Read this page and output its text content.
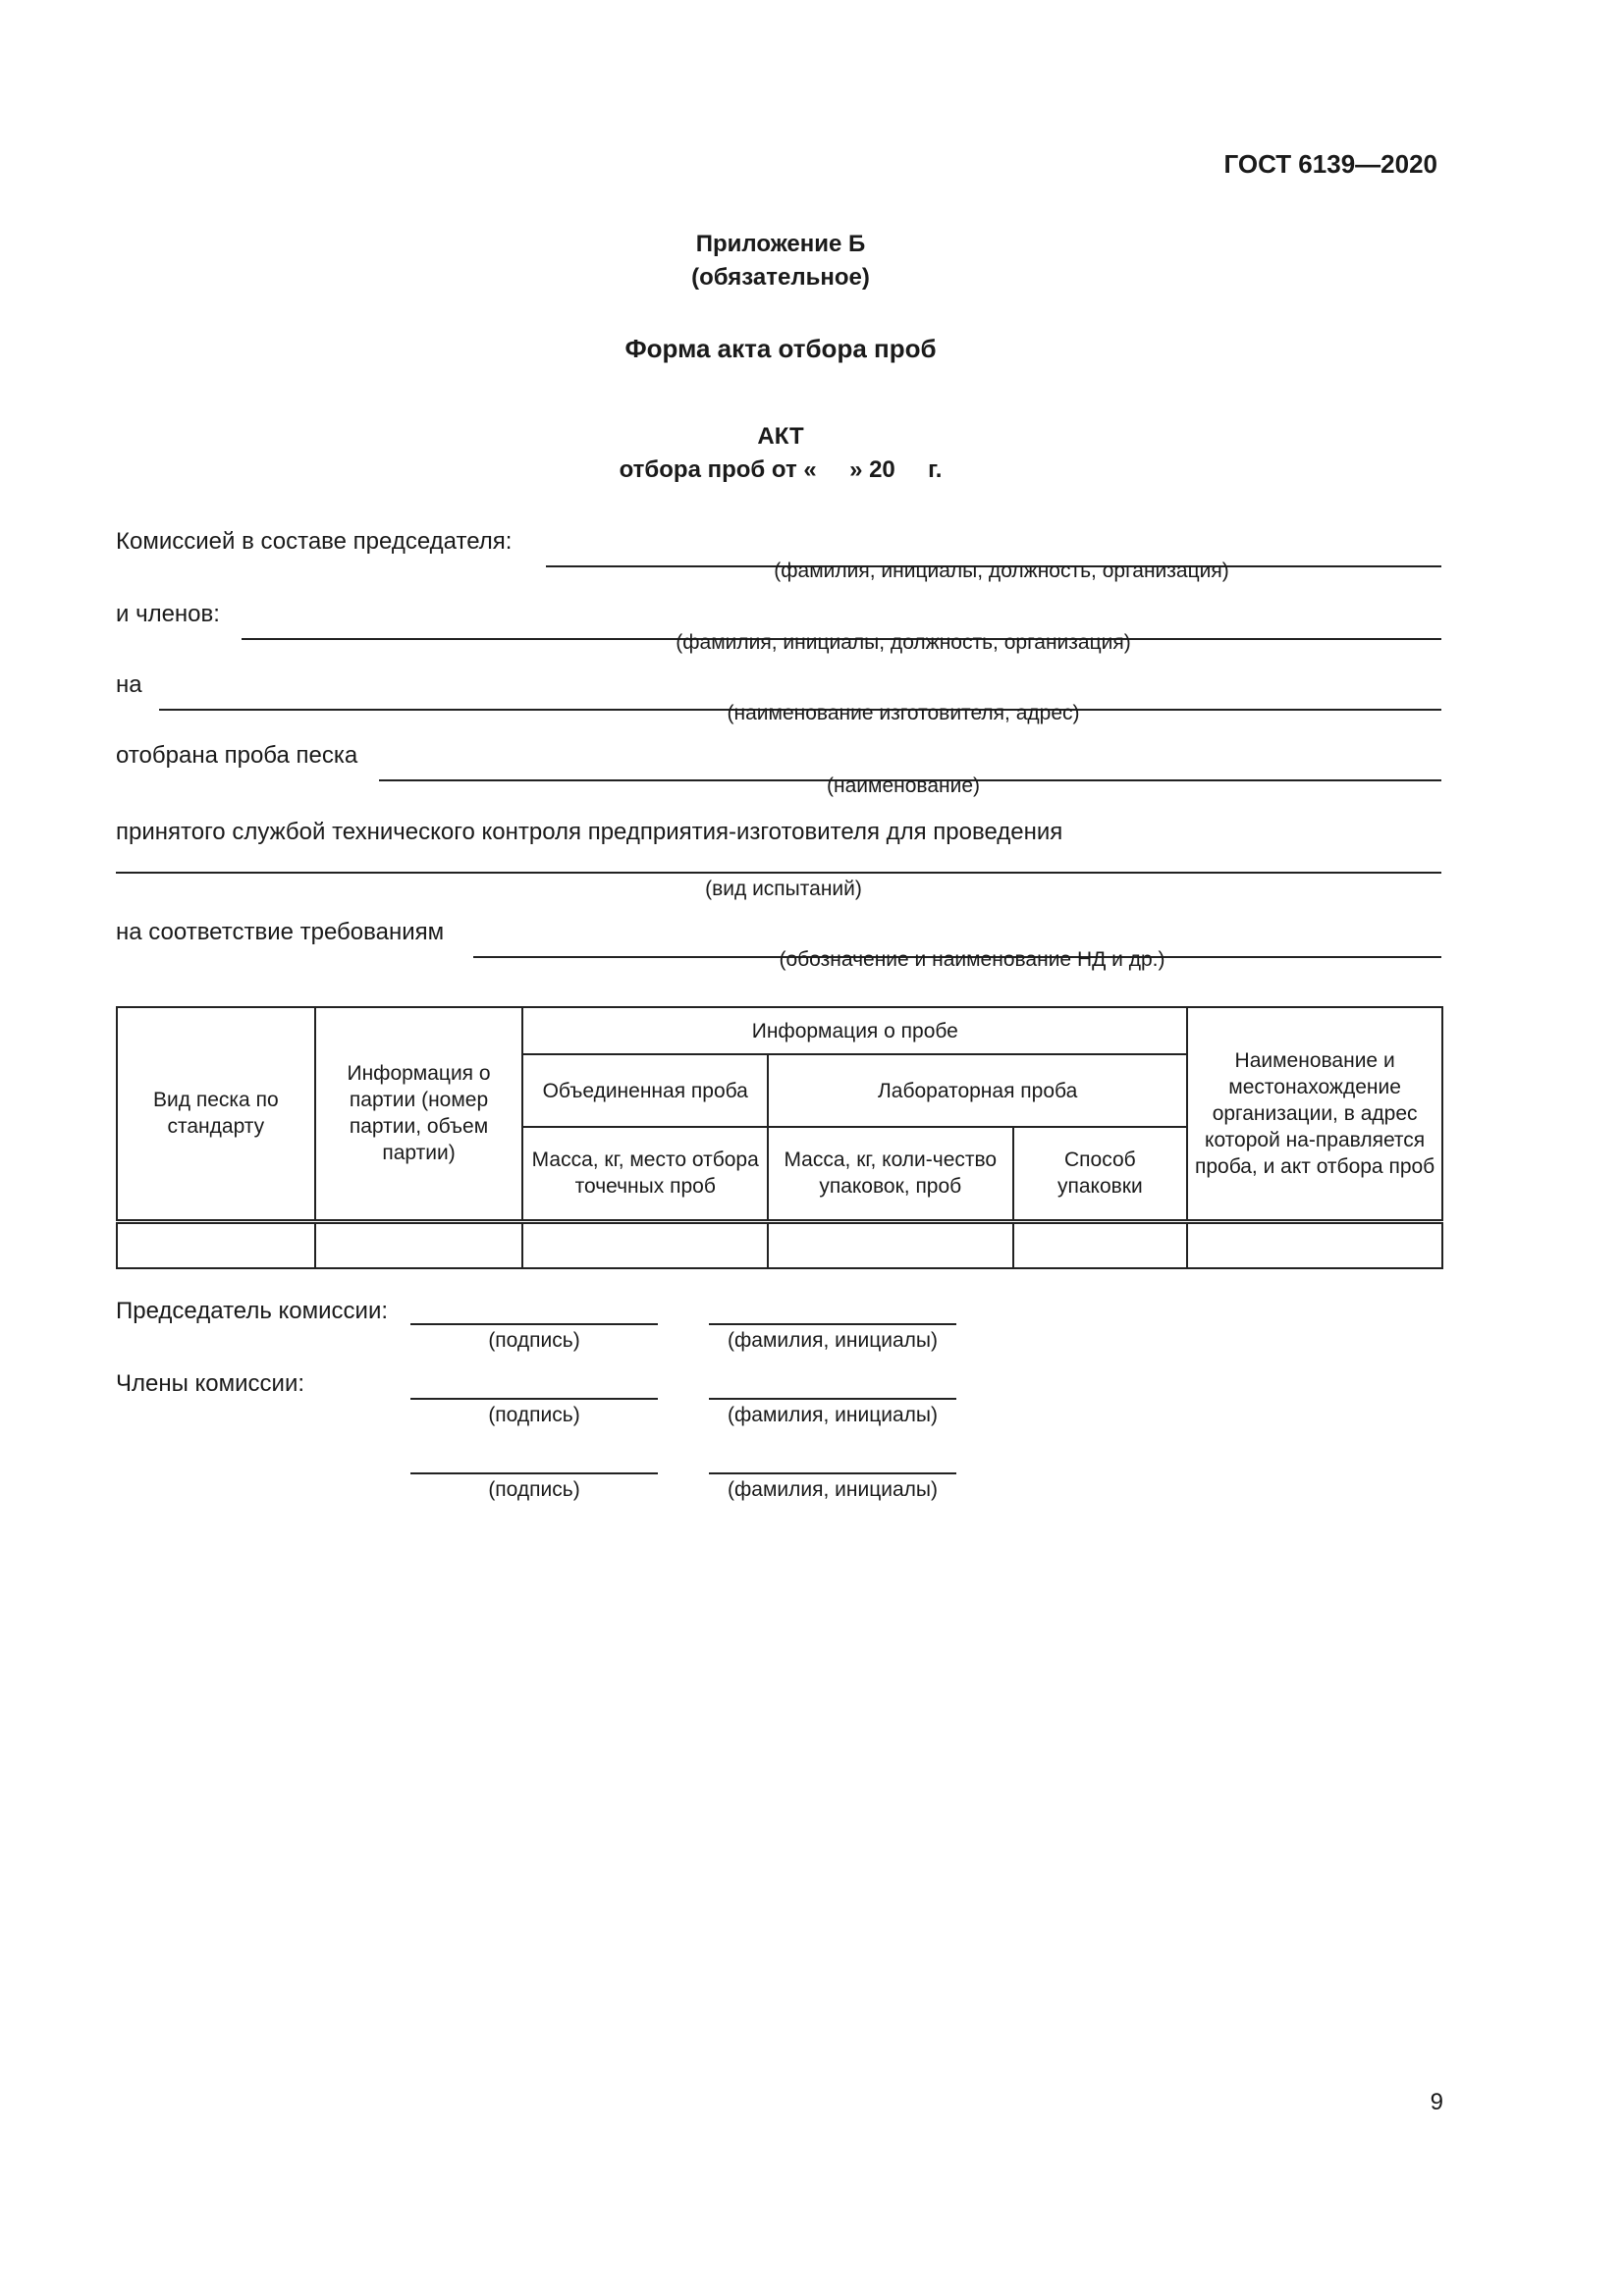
ГОСТ 6139—2020
Приложение Б
(обязательное)
Форма акта отбора проб
АКТ
отбора проб от «     » 20     г.
Комиссией в составе председателя:
(фамилия, инициалы, должность, организация)
и членов:
(фамилия, инициалы, должность, организация)
на
(наименование изготовителя, адрес)
отобрана проба песка
(наименование)
принятого службой технического контроля предприятия-изготовителя для проведения
(вид испытаний)
на соответствие требованиям
(обозначение и наименование НД и др.)
Вид песка по стандарту	Информация о партии (номер партии, объем партии)	Информация о пробе			Наименование и местонахождение организации, в адрес которой на-правляется проба, и акт отбора проб
		Объединенная проба	Лабораторная проба		
		Масса, кг, место отбора точечных проб	Масса, кг, коли-чество упаковок, проб	Способ упаковки	

Председатель комиссии:
(подпись)	(фамилия, инициалы)
Члены комиссии:
(подпись)	(фамилия, инициалы)
(подпись)	(фамилия, инициалы)
9
